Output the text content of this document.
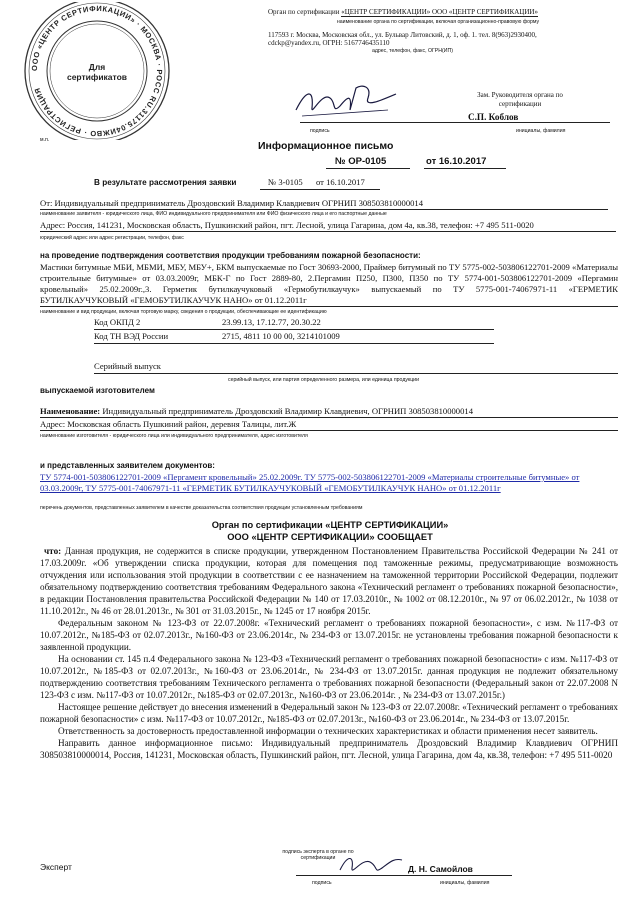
ООО «ЦЕНТР СЕРТИФИКАЦИИ» · МОСКВА · РОСС RU.31175.04ИЖВО · РЕГИСТРАЦИЯ
Для
сертификатов
м.п.
Орган по сертификации «ЦЕНТР СЕРТИФИКАЦИИ» ООО «ЦЕНТР СЕРТИФИКАЦИИ»
наименование органа по сертификации, включая организационно-правовую форму
117593 г. Москва, Московская обл., ул. Бульвар Литовский, д. 1, оф. 1. тел. 8(963)2930400,
cdckp@yandex.ru, ОГРН: 5167746435110
адрес, телефон, факс, ОГРН(ИП)
Зам. Руководителя органа по
сертификации
С.П. Коблов
подпись	инициалы, фамилия
Информационное письмо
№ ОР-0105	от 16.10.2017
В результате рассмотрения заявки	№ 3-0105 от 16.10.2017
От: Индивидуальный предприниматель Дроздовский Владимир Клавдиевич ОГРНИП 308503810000014
наименование заявителя - юридического лица, ФИО индивидуального предпринимателя или ФИО физического лица и его паспортные данные
Адрес: Россия, 141231, Московская область, Пушкинский район, пгт. Лесной, улица Гагарина, дом 4а, кв.38, телефон: +7 495 511-0020
юридический адрес или адрес регистрации, телефон, факс
на проведение подтверждения соответствия продукции требованиям пожарной безопасности:
Мастики битумные МБИ, МБМИ, МБУ, МБУ+, БКМ выпускаемые по Гост 30693-2000, Праймер битумный по ТУ 5775-002-503806122701-2009 «Материалы строительные битумные» от 03.03.2009г, МБК-Г по Гост 2889-80, 2.Пергамин П250, П300, П350 по ТУ 5774-001-503806122701-2009 «Пергамин кровельный» 25.02.2009г.,3. Герметик бутилкаучуковый «Гермобутилкаучук» выпускаемый по ТУ 5775-001-74067971-11 «ГЕРМЕТИК БУТИЛКАУЧУКОВЫЙ «ГЕМОБУТИЛКАУЧУК НАНО» от 01.12.2011г
наименование и вид продукции, включая торговую марку, сведения о продукции, обеспечивающие ее идентификацию
Код ОКПД 2	23.99.13, 17.12.77, 20.30.22
Код ТН ВЭД России	2715, 4811 10 00 00, 3214101009
Серийный выпуск
серийный выпуск, или партия определенного размера, или единица продукции
выпускаемой изготовителем
Наименование: Индивидуальный предприниматель Дроздовский Владимир Клавдиевич, ОГРНИП 308503810000014
Адрес: Московская область Пушкиний район, деревня Талицы, лит.Ж
наименование изготовителя - юридического лица или индивидуального предпринимателя, адрес изготовителя
и представленных заявителем документов:
ТУ 5774-001-503806122701-2009 «Пергамент кровельный» 25.02.2009г. ТУ 5775-002-503806122701-2009 «Материалы строительные битумные» от 03.03.2009г, ТУ 5775-001-74067971-11 «ГЕРМЕТИК БУТИЛКАУЧУКОВЫЙ «ГЕМОБУТИЛКАУЧУК НАНО» от 01.12.2011г
перечень документов, представленных заявителем в качестве доказательства соответствия продукции установленным требованиям
Орган по сертификации «ЦЕНТР СЕРТИФИКАЦИИ»
ООО «ЦЕНТР СЕРТИФИКАЦИИ» СООБЩАЕТ

что: Данная продукция, не содержится в списке продукции, утвержденном Постановлением Правительства Российской Федерации № 241 от 17.03.2009г. «Об утверждении списка продукции, которая для помещения под таможенные режимы, предусматривающие возможность отчуждения или использования этой продукции в соответствии с ее назначением на таможенной территории Российской Федерации, подлежит обязательному подтверждению соответствия требованиям Федерального закона «Технический регламент о требованиях пожарной безопасности», в редакции Постановления правительства Российской Федерации № 140 от 17.03.2010г., № 1002 от 08.12.2010г., № 97 от 06.02.2012г., № 1038 от 11.10.2012г., № 46 от 28.01.2013г., № 301 от 31.03.2015г., № 1245 от 17 ноября 2015г.

Федеральным законом № 123-ФЗ от 22.07.2008г. «Технический регламент о требованиях пожарной безопасности», с изм. №117-ФЗ от 10.07.2012г., №185-ФЗ от 02.07.2013г., №160-ФЗ от 23.06.2014г., № 234-ФЗ от 13.07.2015г. не установлены требования пожарной безопасности к заявленной продукции.

На основании ст. 145 п.4 Федерального закона № 123-ФЗ «Технический регламент о требованиях пожарной безопасности» с изм. №117-ФЗ от 10.07.2012г., №185-ФЗ от 02.07.2013г., №160-ФЗ от 23.06.2014г., № 234-ФЗ от 13.07.2015г. данная продукция не подлежит обязательному подтверждению соответствия требованиям Технического регламента о требованиях пожарной безопасности (Федеральный закон от 22.07.2008 N 123-ФЗ с изм. №117-ФЗ от 10.07.2012г., №185-ФЗ от 02.07.2013г., №160-ФЗ от 23.06.2014г. , № 234-ФЗ от 13.07.2015г.)

Настоящее решение действует до внесения изменений в Федеральный закон № 123-ФЗ от 22.07.2008г. «Технический регламент о требованиях пожарной безопасности» с изм. №117-ФЗ от 10.07.2012г., №185-ФЗ от 02.07.2013г., №160-ФЗ от 23.06.2014г., № 234-ФЗ от 13.07.2015г.

Ответственность за достоверность предоставленной информации о технических характеристиках и области применения несет заявитель.

Направить данное информационное письмо: Индивидуальный предприниматель Дроздовский Владимир Клавдиевич ОГРНИП 308503810000014, Россия, 141231, Московская область, Пушкинский район, пгт. Лесной, улица Гагарина, дом 4а, кв.38, телефон: +7 495 511-0020

Эксперт
подпись эксперта в органе по
сертификации
Д. Н. Самойлов
подпись	инициалы, фамилия
